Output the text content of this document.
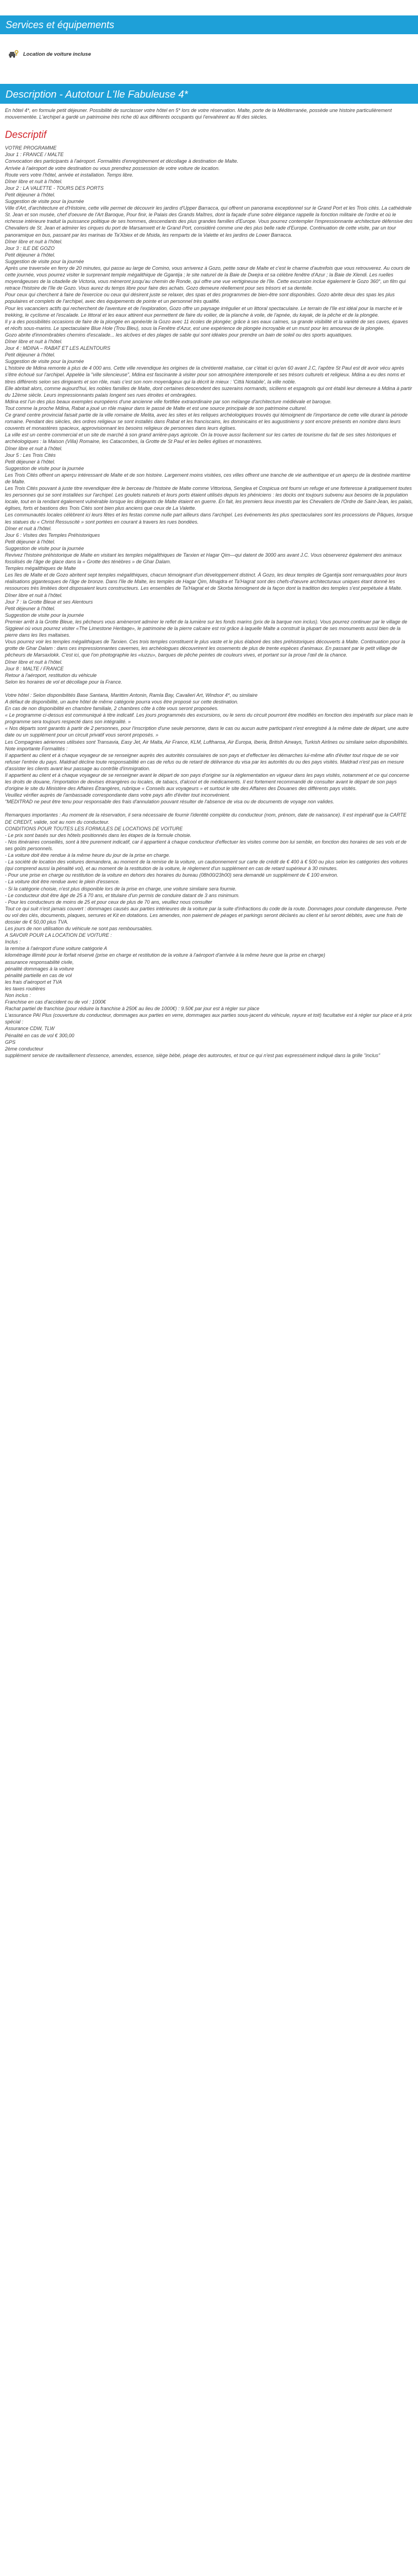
Services et équipements
Location de voiture incluse
Description - Autotour L'Ile Fabuleuse 4*

En hôtel 4*, en formule petit déjeuner. Possibilité de surclasser votre hôtel en 5* lors de votre réservation. Malte, porte de la Méditerranée, possède une histoire particulièrement mouvementée. L'archipel a gardé un patrimoine très riche dû aux différents occupants qui l'envahirent au fil des siècles.

Descriptif

VOTRE PROGRAMME

Jour 1 : FRANCE / MALTE

Convocation des participants à l'aéroport. Formalités d'enregistrement et décollage à destination de Malte.

Arrivée à l'aéroport de votre destination ou vous prendrez possession de votre voiture de location.

Route vers votre l'hôtel, arrivée et installation. Temps libre.

Dîner libre et nuit à l'hôtel.

Jour 2 : LA VALETTE - TOURS DES PORTS

Petit déjeuner à l'hôtel.

Suggestion de visite pour la journée

Ville d'Art, d'architecture et d'Histoire, cette ville permet de découvrir les jardins d'Upper Barracca, qui offrent un panorama exceptionnel sur le Grand Port et les Trois cités. La cathédrale St. Jean et son musée, chef d'oeuvre de l'Art Baroque, Pour finir, le Palais des Grands Maîtres, dont la façade d'une sobre élégance rappelle la fonction militaire de l'ordre et où le richesse intérieure traduit la puissance politique de ses hommes, descendants des plus grandes familles d'Europe. Vous pourrez contempler l'impressionnante architecture défensive des Chevaliers de St. Jean et admirer les cirques du port de Marsamxett et le Grand Port, considéré comme une des plus belle rade d'Europe. Continuation de cette visite, par un tour panoramique en bus, passant par les marinas de Ta'Xbiex et de Msida, les remparts de la Valette et les jardins de Lower Barracca.

Dîner libre et nuit à l'hôtel.

Jour 3 : ILE DE GOZO

Petit déjeuner à l'hôtel.

Suggestion de visite pour la journée

Après une traversée en ferry de 20 minutes, qui passe au large de Comino, vous arriverez à Gozo, petite sœur de Malte et c'est le charme d'autrefois que vous retrouverez. Au cours de cette journée, vous pourrez visiter le surprenant temple mégalithique de Ggantija ; le site naturel de la Baie de Dwejra et sa célèbre fenêtre d'Azur ; la Baie de Xlendi. Les ruelles moyenâgeuses de la citadelle de Victoria, vous mèneront jusqu'au chemin de Ronde, qui offre une vue vertigineuse de l'île. Cette excursion inclue également le Gozo 360°, un film qui retrace l'histoire de l'île de Gozo. Vous aurez du temps libre pour faire des achats. Gozo demeure réellement pour ses trésors et sa dentelle.

Pour ceux qui cherchent à faire de l'exercice ou ceux qui désirent juste se relaxer, des spas et des programmes de bien-être sont disponibles. Gozo abrite deux des spas les plus populaires et complets de l'archipel, avec des équipements de pointe et un personnel très qualifié.

Pour les vacanciers actifs qui recherchent de l'aventure et de l'exploration, Gozo offre un paysage irrégulier et un littoral spectaculaire. Le terrain de l'île est idéal pour la marche et le trekking, le cyclisme et l'escalade. Le littoral et les eaux attirent eux permettent de faire du voilier, de la planche à voile, de l'apnée, du kayak, de la pêche et de la plongée.

Il y a des possibilités occasions de faire de la plongée en apnée/de la Gozo avec 11 écoles de plongée; grâce à ses eaux calmes, sa grande visibilité et la variété de ses caves, épaves et récifs sous-marins. Le spectaculaire Blue Hole (Trou Bleu), sous la Fenêtre d'Azur, est une expérience de plongée incroyable et un must pour les amoureux de la plongée.

Gozo abrite d'innombrables chemins d'escalade... les alcôves et des plages de sable qui sont idéales pour prendre un bain de soleil ou des sports aquatiques.

Dîner libre et nuit à l'hôtel.

Jour 4 : MDINA – RABAT ET LES ALENTOURS

Petit déjeuner à l'hôtel.

Suggestion de visite pour la journée

L'histoire de Mdina remonte à plus de 4 000 ans. Cette ville revendique les origines de la chrétienté maltaise, car c'était ici qu'en 60 avant J.C, l'apôtre St Paul est dit avoir vécu après s'être échoué sur l'archipel. Appelée la "ville silencieuse", Mdina est fascinante à visiter pour son atmosphère intemporelle et ses trésors culturels et religieux. Mdina a eu des noms et titres différents selon ses dirigeants et son rôle, mais c'est son nom moyenâgeux qui la décrit le mieux : 'Città Notabile', la ville noble.

Elle abritait alors, comme aujourd'hui, les nobles familles de Malte, dont certaines descendent des suzerains normands, siciliens et espagnols qui ont établi leur demeure à Mdina à partir du 12ème siècle. Leurs impressionnants palais longent ses rues étroites et ombragées.

Mdina est l'un des plus beaux exemples européens d'une ancienne ville fortifiée extraordinaire par son mélange d'architecture médiévale et baroque.

Tout comme la proche Mdina, Rabat a joué un rôle majeur dans le passé de Malte et est une source principale de son patrimoine culturel.

Ce grand centre provincial faisait partie de la ville romaine de Melita, avec les sites et les reliques archéologiques trouvés qui témoignent de l'importance de cette ville durant la période romaine. Pendant des siècles, des ordres religieux se sont installés dans Rabat et les franciscains, les dominicains et les augustiniens y sont encore présents en nombre dans leurs couvents et monastères spacieux, approvisionnant les besoins religieux de personnes dans leurs églises.

La ville est un centre commercial et un site de marché à son grand arrière-pays agricole. On la trouve aussi facilement sur les cartes de tourisme du fait de ses sites historiques et archéologiques : la Maison (Villa) Romaine, les Catacombes, la Grotte de St Paul et les belles églises et monastères.

Dîner libre et nuit à l'hôtel.

Jour 5 : Les Trois Cités

Petit déjeuner à l'hôtel.

Suggestion de visite pour la journée

Les Trois Cités offrent un aperçu intéressant de Malte et de son histoire. Largement moins visitées, ces villes offrent une tranche de vie authentique et un aperçu de la destinée maritime de Malte.

Les Trois Cités pouvant à juste titre revendiquer être le berceau de l'histoire de Malte comme Vittoriosa, Senglea et Cospicua ont fourni un refuge et une forteresse à pratiquement toutes les personnes qui se sont installées sur l'archipel. Les goulets naturels et leurs ports étaient utilisés depuis les phéniciens : les docks ont toujours subvenu aux besoins de la population locale, tout en la rendant également vulnérable lorsque les dirigeants de Malte étaient en guerre. En fait, les premiers lieux investis par les Chevaliers de l'Ordre de Saint-Jean, les palais, églises, forts et bastions des Trois Cités sont bien plus anciens que ceux de La Valette.

Les communautés locales célèbrent ici leurs fêtes et les festas comme nulle part ailleurs dans l'archipel. Les événements les plus spectaculaires sont les processions de Pâques, lorsque les statues du « Christ Ressuscité » sont portées en courant à travers les rues bondées.

Dîner et nuit à l'hôtel.

Jour 6 : Visites des Temples Préhistoriques

Petit déjeuner à l'hôtel.

Suggestion de visite pour la journée

Revivez l'histoire préhistorique de Malte en visitant les temples mégalithiques de Tarxien et Hagar Qim—qui datent de 3000 ans avant J.C. Vous observerez également des animaux fossilisés de l'âge de glace dans la « Grotte des ténèbres » de Ghar Dalam.

Temples mégalithiques de Malte

Les îles de Malte et de Gozo abritent sept temples mégalithiques, chacun témoignant d'un développement distinct. À Gozo, les deux temples de Ggantija sont remarquables pour leurs réalisations gigantesques de l'âge de bronze. Dans l'île de Malte, les temples de Hagar Qim, Mnajdra et Ta'Hagrat sont des chefs-d'œuvre architecturaux uniques étant donné les ressources très limitées dont disposaient leurs constructeurs. Les ensembles de Ta'Hagrat et de Skorba témoignent de la façon dont la tradition des temples s'est perpétuée à Malte.

Dîner libre et nuit à l'hôtel.

Jour 7 : la Grotte Bleue et ses Alentours

Petit déjeuner à l'hôtel.

Suggestion de visite pour la journée

Premier arrêt à la Grotte Bleue, les pêcheurs vous amèneront admirer le reflet de la lumière sur les fonds marins (prix de la barque non inclus). Vous pourrez continuer par le village de Siggiewi où vous pourrez visiter «The Limestone Heritage», le patrimoine de la pierre calcaire est roi grâce à laquelle Malte a construit la plupart de ses monuments aussi bien de la pierre dans les îles maltaises.

Vous pourrez voir les temples mégalithiques de Tarxien. Ces trois temples constituent le plus vaste et le plus élaboré des sites préhistoriques découverts à Malte. Continuation pour la grotte de Ghar Dalam : dans ces impressionnantes cavernes, les archéologues découvrirent les ossements de plus de trente espèces d'animaux. En passant par le petit village de pêcheurs de Marsaxlokk. C'est ici, que l'on photographie les «luzzu», barques de pêche peintes de couleurs vives, et portant sur la proue l'œil de la chance.

Dîner libre et nuit à l'hôtel.

Jour 8 : MALTE / FRANCE

Retour à l'aéroport, restitution du véhicule

Selon les horaires de vol et décollage pour la France.

Votre hôtel : Selon disponibilités Base Santana, Marittim Antonin, Ramla Bay, Cavalieri Art, Windsor 4*, ou similaire

A défaut de disponibilité, un autre hôtel de même catégorie pourra vous être proposé sur cette destination.

En cas de non disponibilité en chambre familiale, 2 chambres côte à côte vous seront proposées.

« Le programme ci-dessus est communiqué à titre indicatif. Les jours programmés des excursions, ou le sens du circuit pourront être modifiés en fonction des impératifs sur place mais le programme sera toujours respecté dans son intégralité. »

« Nos départs sont garantis à partir de 2 personnes, pour l'inscription d'une seule personne, dans le cas ou aucun autre participant n'est enregistré à la même date de départ, une autre date ou un supplément pour un circuit privatif vous seront proposés. »

Les Compagnies aériennes utilisées sont Transavia, Easy Jet, Air Malta, Air France, KLM, Lufthansa, Air Europa, Iberia, British Airways, Turkish Airlines ou similaire selon disponibilités.

Note importante Formalités :

Il appartient au client et à chaque voyageur de se renseigner auprès des autorités consulaires de son pays et d'effectuer les démarches lui-même afin d'éviter tout risque de se voir refuser l'entrée du pays. Maldrad décline toute responsabilité en cas de refus ou de retard de délivrance du visa par les autorités du ou des pays visités. Maldrad n'est pas en mesure d'assister les clients avant leur passage au contrôle d'immigration.

Il appartient au client et à chaque voyageur de se renseigner avant le départ de son pays d'origine sur la réglementation en vigueur dans les pays visités, notamment et ce qui concerne les droits de douane, l'importation de devises étrangères ou locales, de tabacs, d'alcool et de médicaments. Il est fortement recommandé de consulter avant le départ de son pays d'origine le site du Ministère des Affaires Étrangères, rubrique « Conseils aux voyageurs » et surtout le site des Affaires des Douanes des différents pays visités.

Veuillez vérifier auprès de l'ambassade correspondante dans votre pays afin d'éviter tout inconvénient.

"MEDITRAD ne peut être tenu pour responsable des frais d'annulation pouvant résulter de l'absence de visa ou de documents de voyage non valides.

Remarques importantes : Au moment de la réservation, il sera nécessaire de fournir l'identité complète du conducteur (nom, prénom, date de naissance). Il est impératif que la CARTE DE CREDIT, valide, soit au nom du conducteur.

CONDITIONS POUR TOUTES LES FORMULES DE LOCATIONS DE VOITURE

- Le prix sont basés sur des hôtels positionnés dans les étapes de la formule choisie.

- Nos itinéraires conseillés, sont à titre purement indicatif, car il appartient à chaque conducteur d'effectuer les visites comme bon lui semble, en fonction des horaires de ses vols et de ses goûts personnels.

- La voiture doit être rendue à la même heure du jour de la prise en charge.

- La société de location des voitures demandera, au moment de la remise de la voiture, un cautionnement sur carte de crédit de € 400 à € 500 ou plus selon les catégories des voitures (qui comprend aussi la pénalité vol), et au moment de la restitution de la voiture, le règlement d'un supplément en cas de retard supérieur à 30 minutes.

- Pour une prise en charge ou restitution de la voiture en dehors des horaires du bureau (08h00/23h00) sera demandé un supplément de € 100 environ.

- La voiture doit être rendue avec le plein d'essence.

- Si la catégorie choisie, n'est plus disponible lors de la prise en charge, une voiture similaire sera fournie.

- Le conducteur doit être âgé de 25 à 70 ans, et titulaire d'un permis de conduire datant de 3 ans minimum.

- Pour les conducteurs de moins de 25 et pour ceux de plus de 70 ans, veuillez nous consulter

Tout ce qui suit n'est jamais couvert : dommages causés aux parties intérieures de la voiture par la suite d'infractions du code de la route. Dommages pour conduite dangereuse. Perte ou vol des clés, documents, plaques, serrures et Kit en dotations. Les amendes, non paiement de péages et parkings seront déclarés au client et lui seront débités, avec une frais de dossier de € 50,00 plus TVA.

Les jours de non utilisation du véhicule ne sont pas remboursables.

A SAVOIR POUR LA LOCATION DE VOITURE :

Inclus :

la remise à l'aéroport d'une voiture catégorie A

kilométrage illimité pour le forfait réservé (prise en charge et restitution de la voiture à l'aéroport d'arrivée à la même heure que la prise en charge)

assurance responsabilité civile,

pénalité dommages à la voiture

pénalité partielle en cas de vol

les frais d'aéroport et TVA

les taxes routières

Non inclus :

Franchise en cas d'accident ou de vol : 1000€

Rachat partiel de franchise (pour réduire la franchise à 250€ au lieu de 1000€) : 9.50€ par jour est à régler sur place

L'assurance PAI Plus (couverture du conducteur, dommages aux parties en verre, dommages aux parties sous-jacent du véhicule, rayure et toit) facultative est à régler sur place et à prix spécial :

Assurance CDW, TLW

Pénalité en cas de vol € 300,00

GPS

2ème conducteur

supplément service de ravitaillement d'essence, amendes, essence, siège bébé, péage des autoroutes, et tout ce qui n'est pas expressément indiqué dans la grille "inclus"
